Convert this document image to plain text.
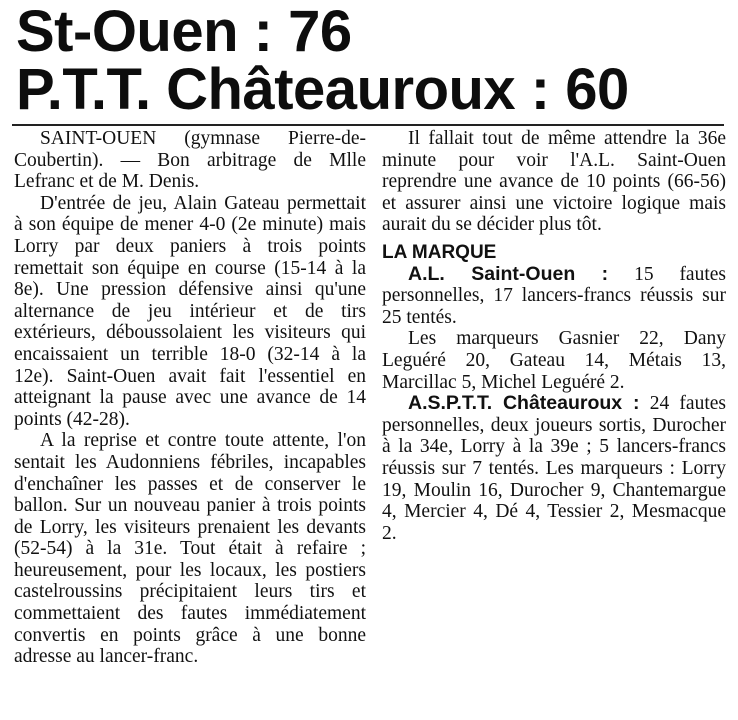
St-Ouen : 76
P.T.T. Châteauroux : 60

SAINT-OUEN (gymnase Pierre-de-Coubertin). — Bon arbitrage de Mlle Lefranc et de M. Denis.

D'entrée de jeu, Alain Gateau permettait à son équipe de mener 4-0 (2e minute) mais Lorry par deux paniers à trois points remettait son équipe en course (15-14 à la 8e). Une pression défensive ainsi qu'une alternance de jeu intérieur et de tirs extérieurs, déboussolaient les visiteurs qui encaissaient un terrible 18-0 (32-14 à la 12e). Saint-Ouen avait fait l'essentiel en atteignant la pause avec une avance de 14 points (42-28).

A la reprise et contre toute attente, l'on sentait les Audonniens fébriles, incapables d'enchaîner les passes et de conserver le ballon. Sur un nouveau panier à trois points de Lorry, les visiteurs prenaient les devants (52-54) à la 31e. Tout était à refaire ; heureusement, pour les locaux, les postiers castelroussins précipitaient leurs tirs et commettaient des fautes immédiatement convertis en points grâce à une bonne adresse au lancer-franc.

Il fallait tout de même attendre la 36e minute pour voir l'A.L. Saint-Ouen reprendre une avance de 10 points (66-56) et assurer ainsi une victoire logique mais aurait du se décider plus tôt.

LA MARQUE

A.L. Saint-Ouen : 15 fautes personnelles, 17 lancers-francs réussis sur 25 tentés.

Les marqueurs Gasnier 22, Dany Leguéré 20, Gateau 14, Métais 13, Marcillac 5, Michel Leguéré 2.

A.S.P.T.T. Châteauroux : 24 fautes personnelles, deux joueurs sortis, Durocher à la 34e, Lorry à la 39e ; 5 lancers-francs réussis sur 7 tentés. Les marqueurs : Lorry 19, Moulin 16, Durocher 9, Chantemargue 4, Mercier 4, Dé 4, Tessier 2, Mesmacque 2.
